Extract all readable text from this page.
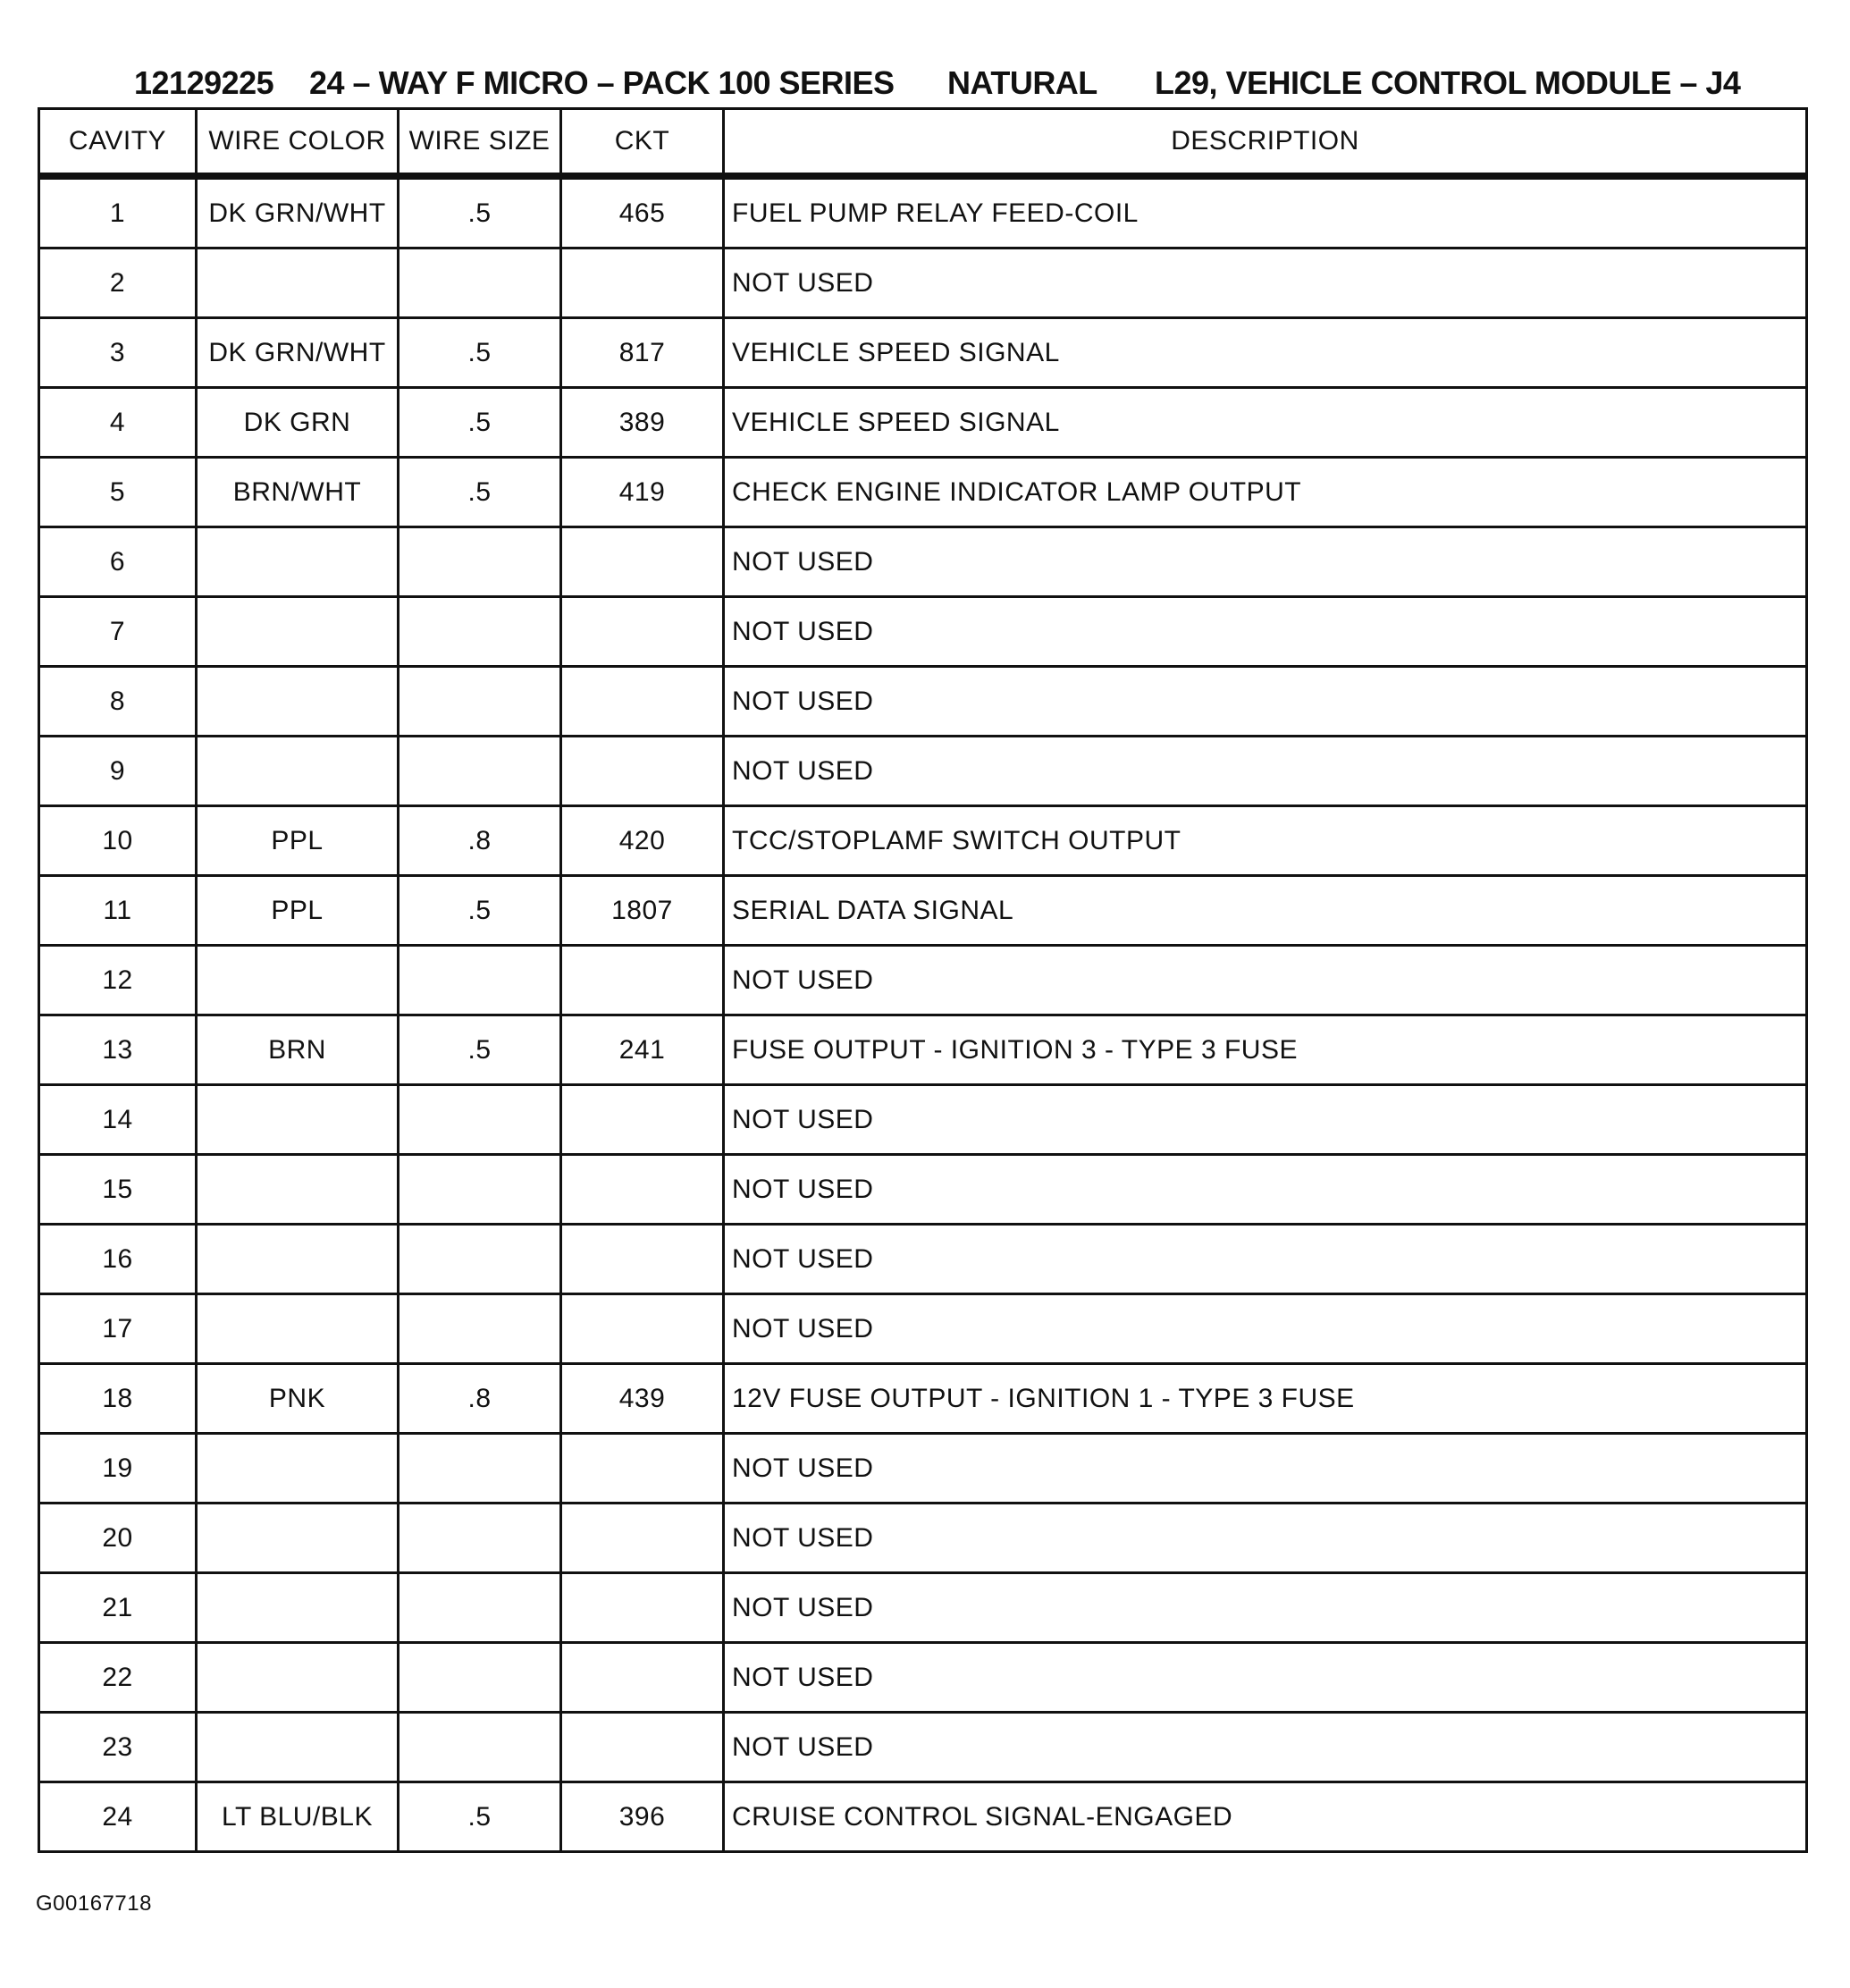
12129225 24 – WAY F MICRO – PACK 100 SERIES NATURAL L29, VEHICLE CONTROL MODULE – J4
CAVITY	WIRE COLOR	WIRE SIZE	CKT	DESCRIPTION
1	DK GRN/WHT	.5	465	FUEL PUMP RELAY FEED-COIL
2				NOT USED
3	DK GRN/WHT	.5	817	VEHICLE SPEED SIGNAL
4	DK GRN	.5	389	VEHICLE SPEED SIGNAL
5	BRN/WHT	.5	419	CHECK ENGINE INDICATOR LAMP OUTPUT
6				NOT USED
7				NOT USED
8				NOT USED
9				NOT USED
10	PPL	.8	420	TCC/STOPLAMF SWITCH OUTPUT
11	PPL	.5	1807	SERIAL DATA SIGNAL
12				NOT USED
13	BRN	.5	241	FUSE OUTPUT - IGNITION 3 - TYPE 3 FUSE
14				NOT USED
15				NOT USED
16				NOT USED
17				NOT USED
18	PNK	.8	439	12V FUSE OUTPUT - IGNITION 1 - TYPE 3 FUSE
19				NOT USED
20				NOT USED
21				NOT USED
22				NOT USED
23				NOT USED
24	LT BLU/BLK	.5	396	CRUISE CONTROL SIGNAL-ENGAGED
G00167718
